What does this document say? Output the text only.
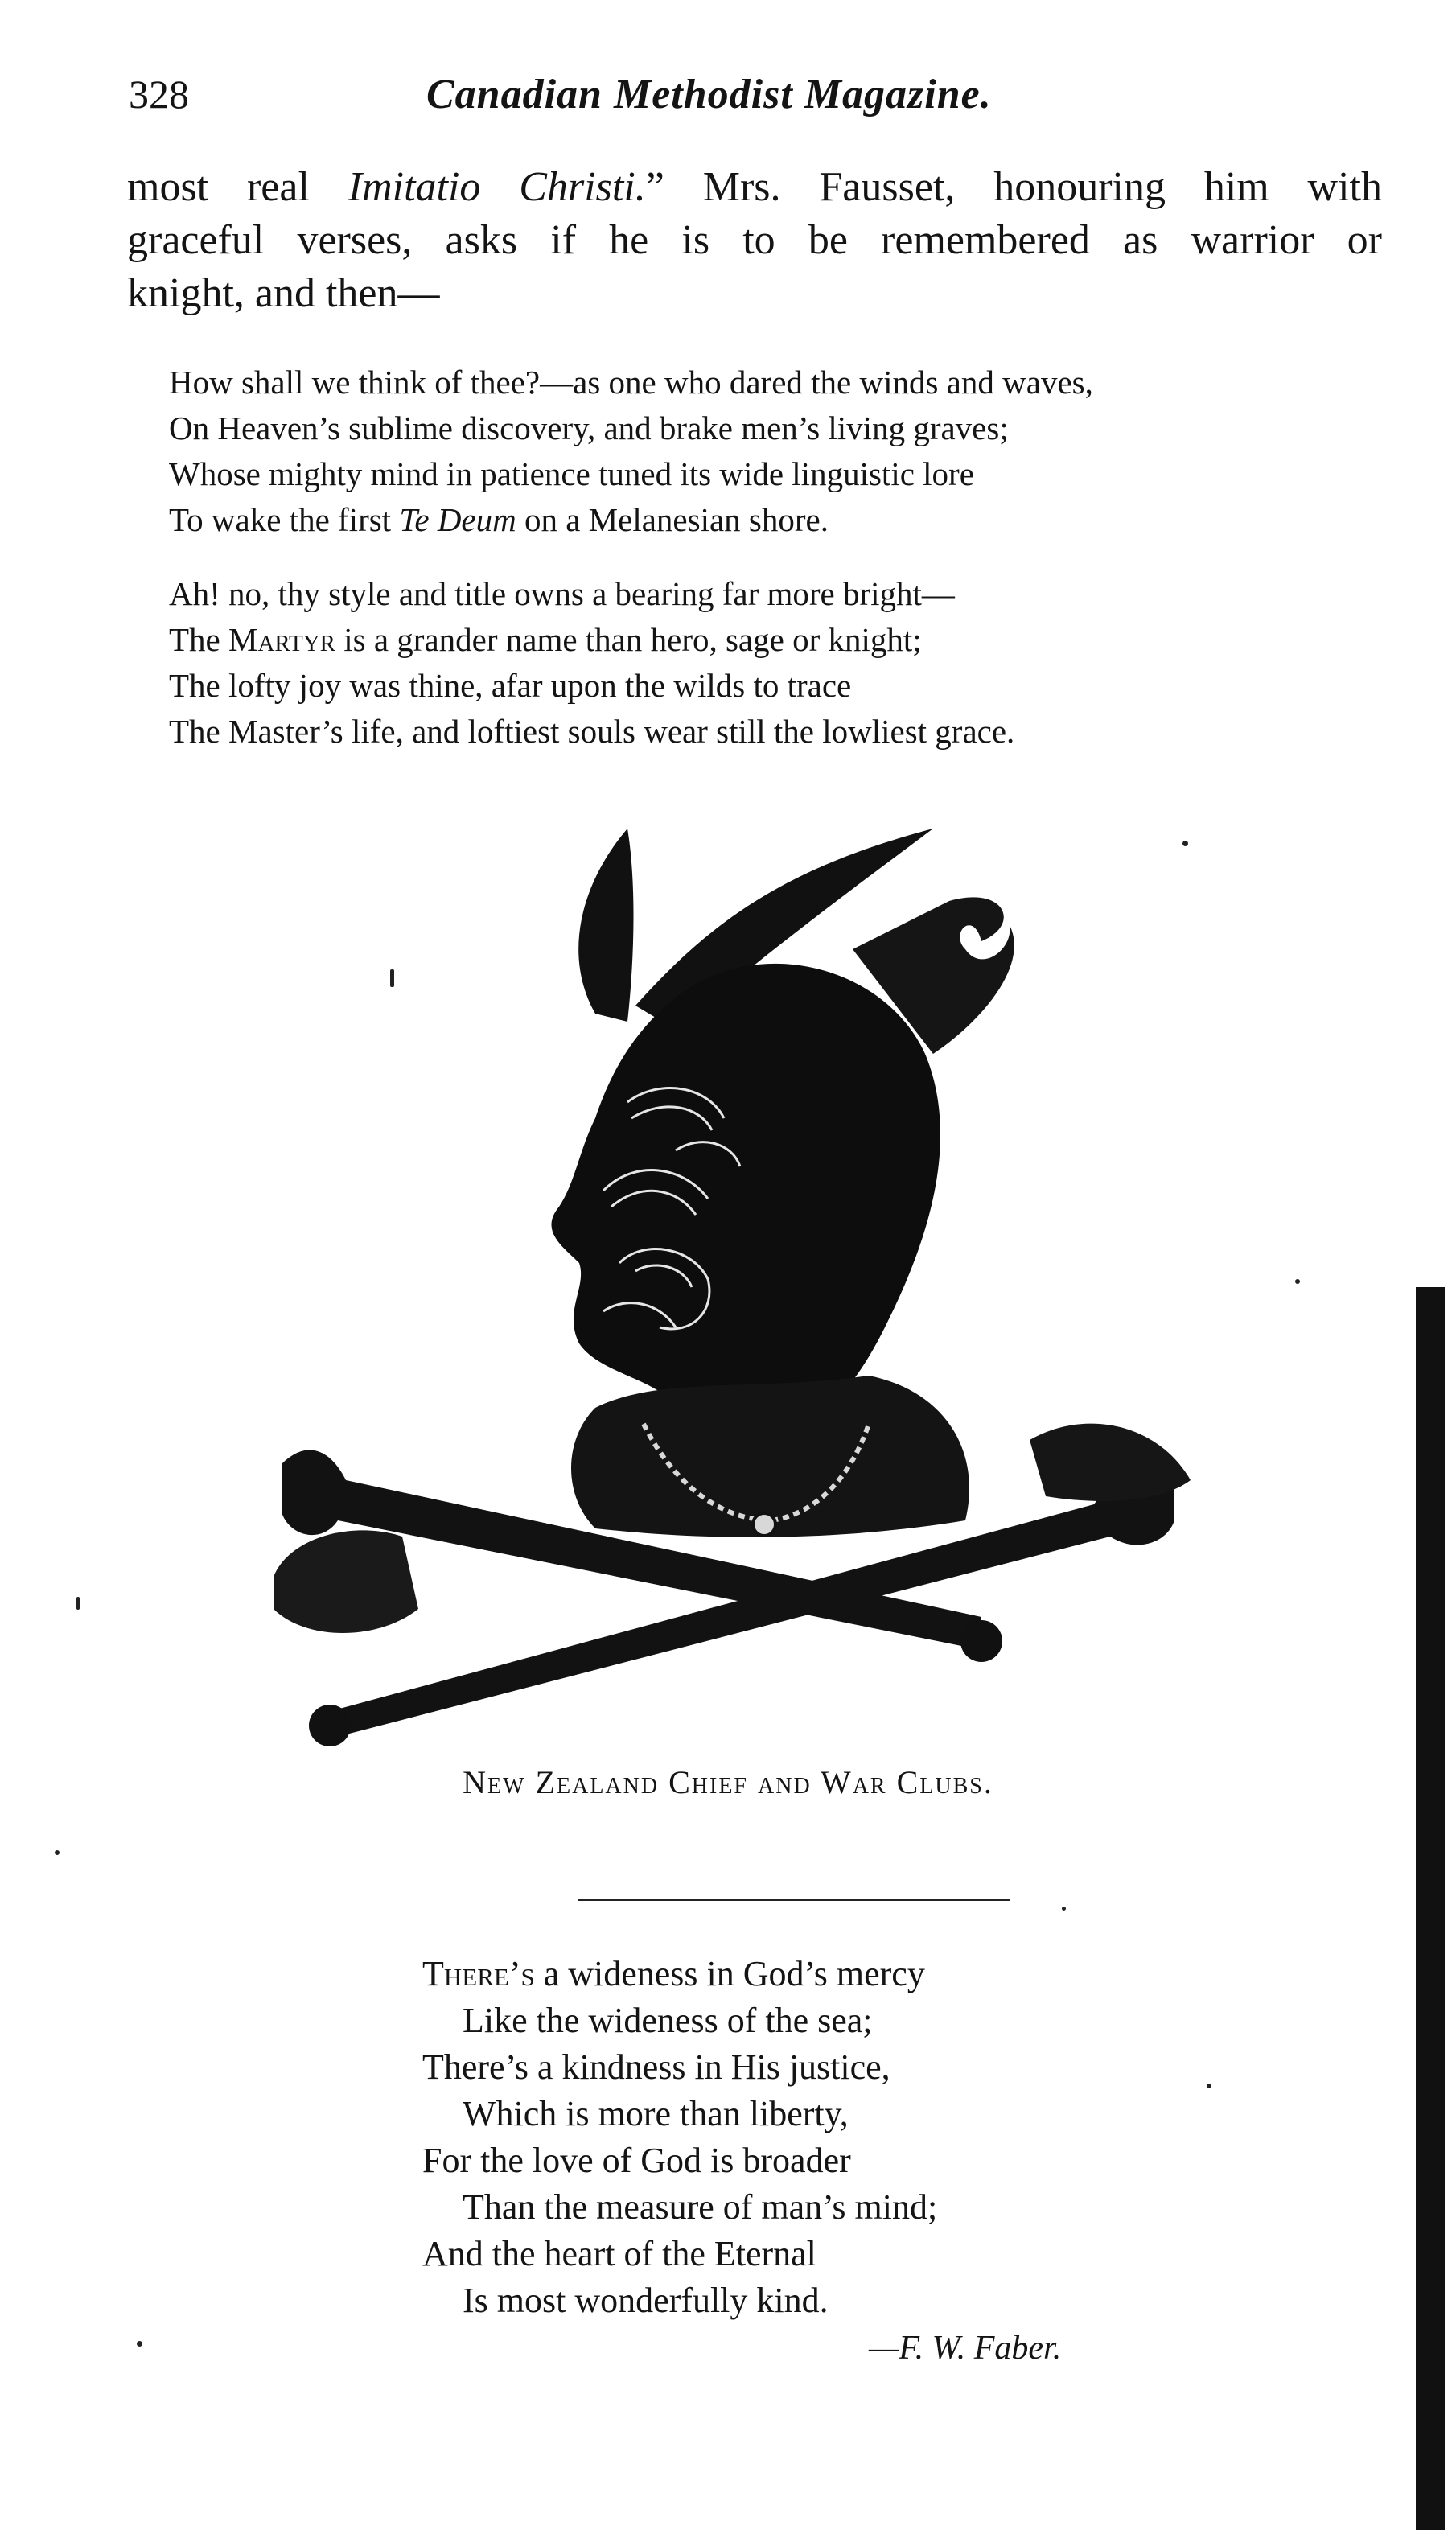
328	Canadian Methodist Magazine.
most real Imitatio Christi.” Mrs. Fausset, honouring him with
graceful verses, asks if he is to be remembered as warrior or
knight, and then—
How shall we think of thee?—as one who dared the winds and waves,
On Heaven’s sublime discovery, and brake men’s living graves;
Whose mighty mind in patience tuned its wide linguistic lore
To wake the first Te Deum on a Melanesian shore.
Ah! no, thy style and title owns a bearing far more bright—
The Martyr is a grander name than hero, sage or knight;
The lofty joy was thine, afar upon the wilds to trace
The Master’s life, and loftiest souls wear still the lowliest grace.
New Zealand Chief and War Clubs.
There’s a wideness in God’s mercy
Like the wideness of the sea;
There’s a kindness in His justice,
Which is more than liberty,
For the love of God is broader
Than the measure of man’s mind;
And the heart of the Eternal
Is most wonderfully kind.
—F. W. Faber.
